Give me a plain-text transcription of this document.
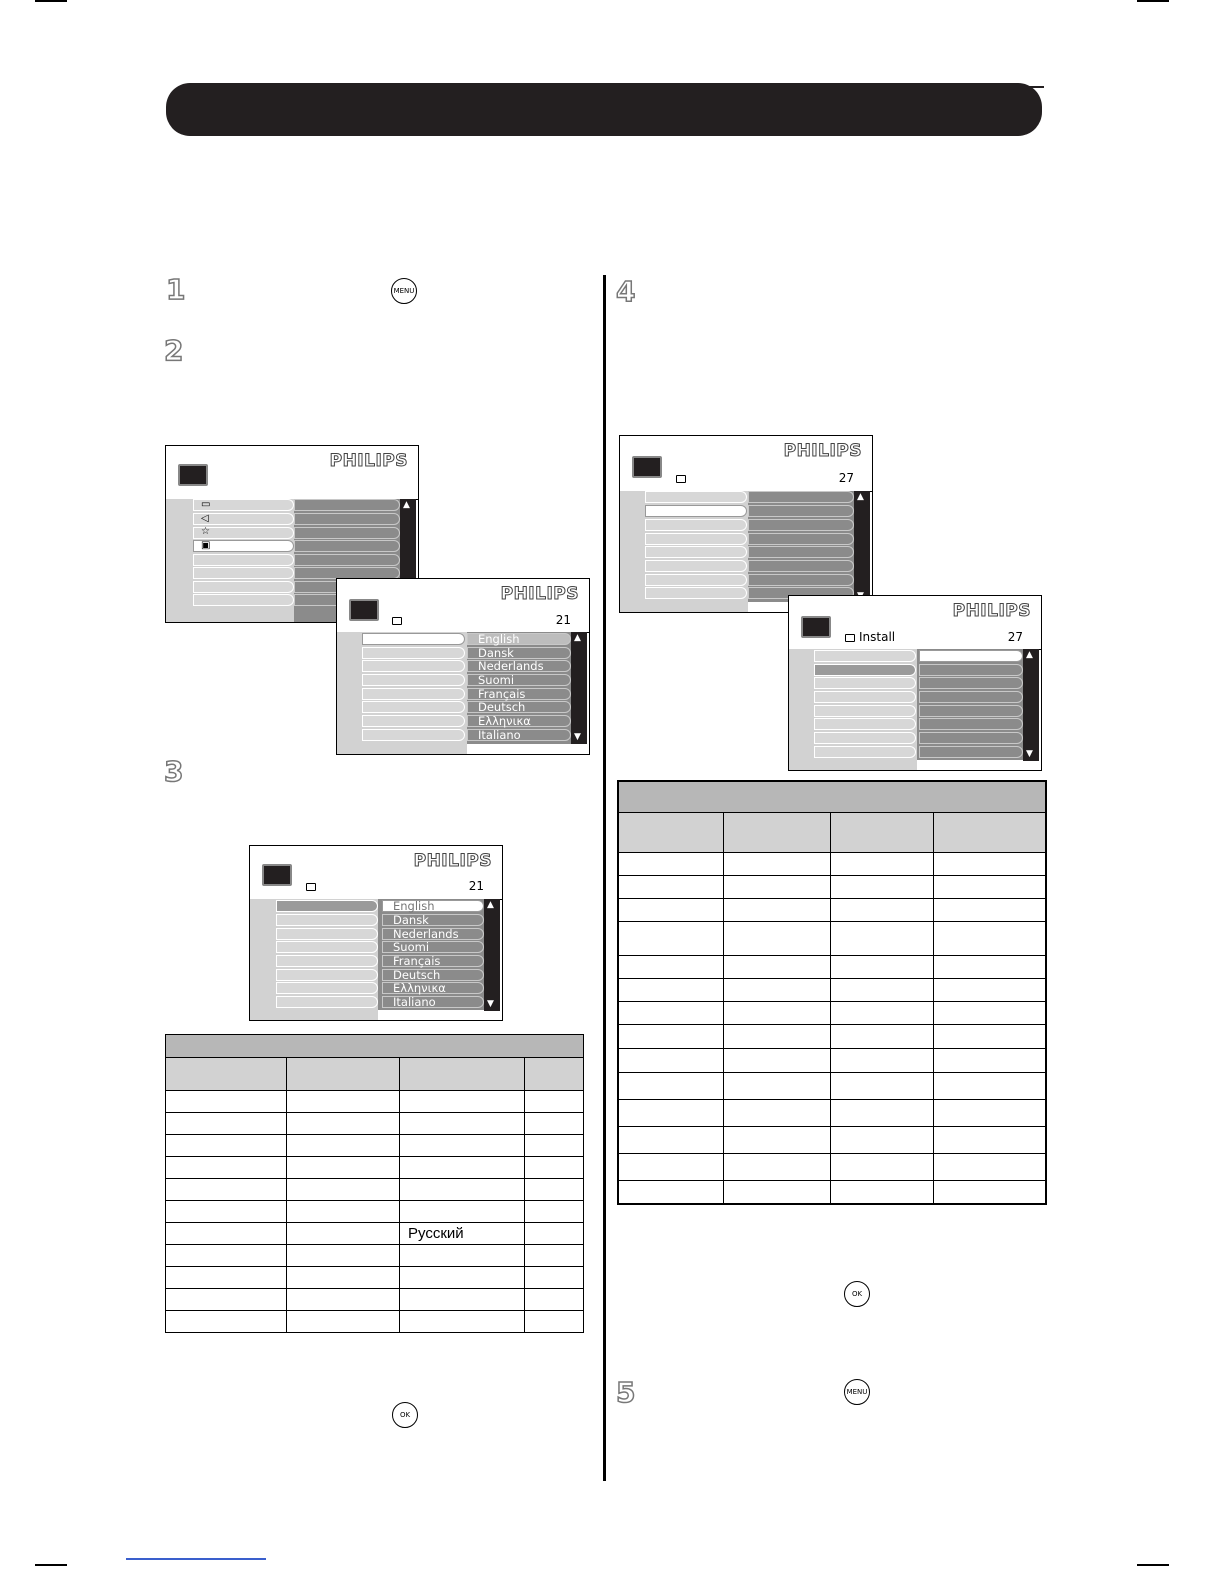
1
2
3
4
5
MENU
OK
OK
MENU
PHILIPS
▲
▭
◁
☆
▣
PHILIPS
21
▲
▼
English
Dansk
Nederlands
Suomi
Français
Deutsch
Ελληνικα
Italiano
PHILIPS
21
▲
▼
English
Dansk
Nederlands
Suomi
Français
Deutsch
Ελληνικα
Italiano
PHILIPS
27
▲
PHILIPS
Install	27
▲
▼

		Русский	
